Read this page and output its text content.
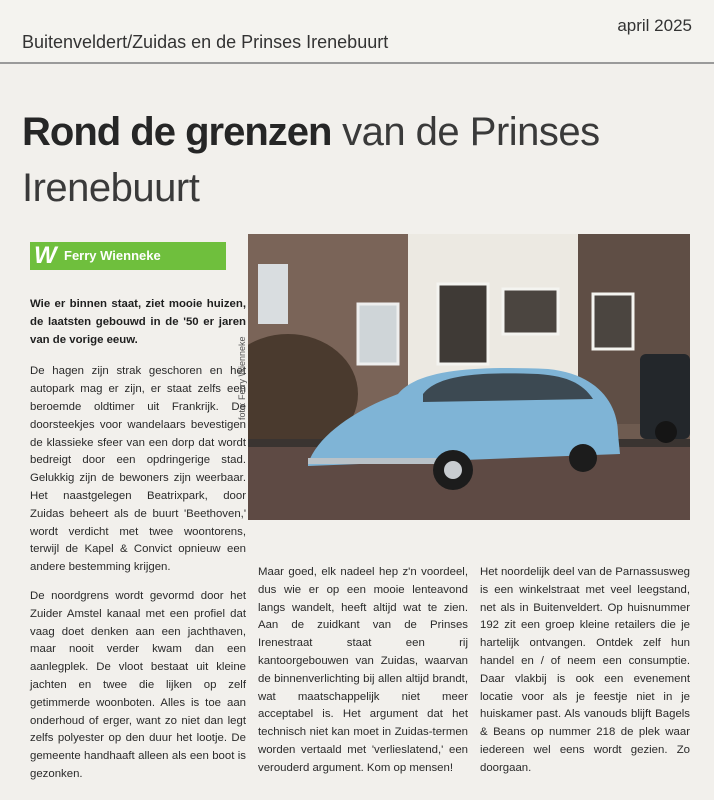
Buitenveldert/Zuidas en de Prinses Irenebuurt
april 2025
Rond de grenzen van de Prinses Irenebuurt
W Ferry Wienneke

Wie er binnen staat, ziet mooie huizen, de laatsten gebouwd in de '50 er jaren van de vorige eeuw.

De hagen zijn strak geschoren en het autopark mag er zijn, er staat zelfs een beroemde oldtimer uit Frankrijk. De doorsteekjes voor wandelaars bevestigen de klassieke sfeer van een dorp dat wordt bedreigt door een opdringerige stad. Gelukkig zijn de bewoners zijn weerbaar. Het naastgelegen Beatrixpark, door Zuidas beheert als de buurt 'Beethoven,' wordt verdicht met twee woontorens, terwijl de Kapel & Convict opnieuw een andere bestemming krijgen.

De noordgrens wordt gevormd door het Zuider Amstel kanaal met een profiel dat vaag doet denken aan een jachthaven, maar nooit verder kwam dan een aanlegplek. De vloot bestaat uit kleine jachten en twee die lijken op zelf getimmerde woonboten. Alles is toe aan onderhoud of erger, want zo niet dan legt zelfs polyester op den duur het lootje. De gemeente handhaaft alleen als een boot is gezonken.

foto: Ferry Wienneke

Maar goed, elk nadeel hep z'n voordeel, dus wie er op een mooie lenteavond langs wandelt, heeft altijd wat te zien. Aan de zuidkant van de Prinses Irenestraat staat een rij kantoorgebouwen van Zuidas, waarvan de binnenverlichting bij allen altijd brandt, wat maatschappelijk niet meer acceptabel is. Het argument dat het technisch niet kan moet in Zuidas-termen worden vertaald met 'verlieslatend,' een verouderd argument. Kom op mensen!

Het noordelijk deel van de Parnassusweg is een winkelstraat met veel leegstand, net als in Buitenveldert. Op huisnummer 192 zit een groep kleine retailers die je hartelijk ontvangen. Ontdek zelf hun handel en / of neem een consumptie. Daar vlakbij is ook een evenement locatie voor als je feestje niet in je huiskamer past. Als vanouds blijft Bagels & Beans op nummer 218 de plek waar iedereen wel eens wordt gezien. Zo doorgaan.
